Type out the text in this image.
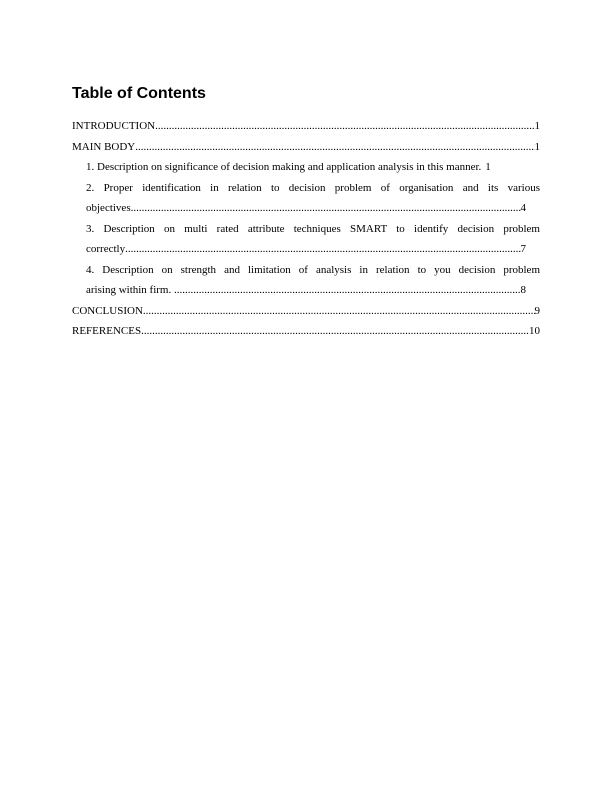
Table of Contents
INTRODUCTION .....	1
MAIN BODY .....	1
1. Description on significance of decision making and application analysis in this manner. 1
2. Proper identification in relation to decision problem of organisation and its various
objectives .....	4
3. Description on multi rated attribute techniques SMART to identify decision problem
correctly .....	7
4. Description on strength and limitation of analysis in relation to you decision problem
arising within firm. .....	8
CONCLUSION .....	9
REFERENCES .....	10
